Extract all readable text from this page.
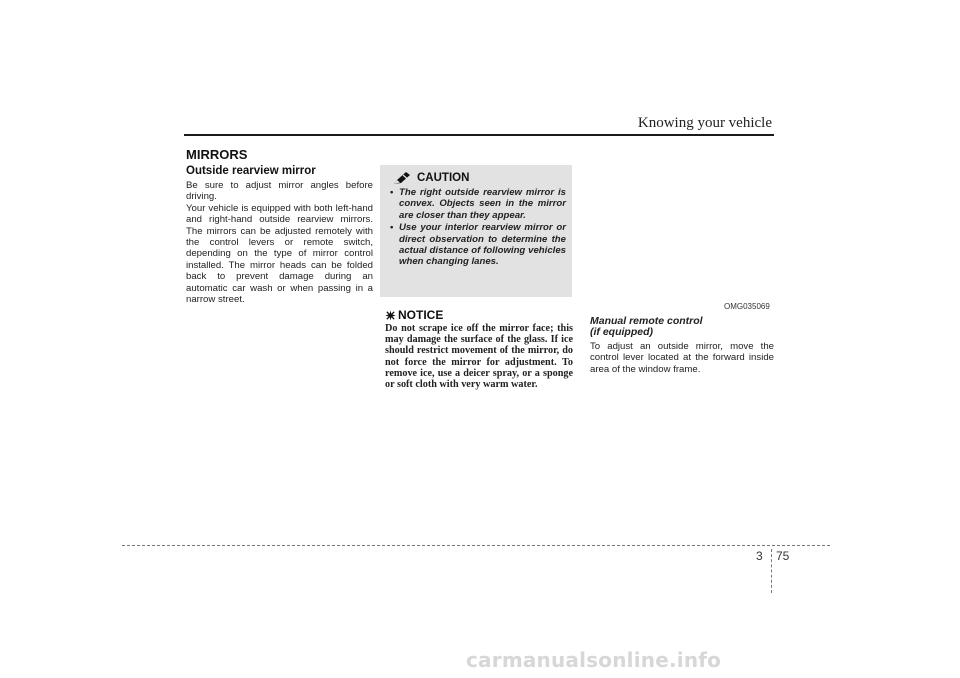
Knowing your vehicle
MIRRORS
Outside rearview mirror

Be sure to adjust mirror angles before driving.

Your vehicle is equipped with both left-hand and right-hand outside rearview mirrors. The mirrors can be adjusted remotely with the control levers or remote switch, depending on the type of mirror control installed. The mirror heads can be folded back to prevent damage during an automatic car wash or when passing in a narrow street.

CAUTION
• The right outside rearview mirror is convex. Objects seen in the mirror are closer than they appear.
• Use your interior rearview mirror or direct observation to determine the actual distance of following vehicles when changing lanes.
NOTICE

Do not scrape ice off the mirror face; this may damage the surface of the glass. If ice should restrict movement of the mirror, do not force the mirror for adjustment. To remove ice, use a deicer spray, or a sponge or soft cloth with very warm water.

OMG035069
Manual remote control
(if equipped)

To adjust an outside mirror, move the control lever located at the forward inside area of the window frame.

3 75
carmanualsonline.info
